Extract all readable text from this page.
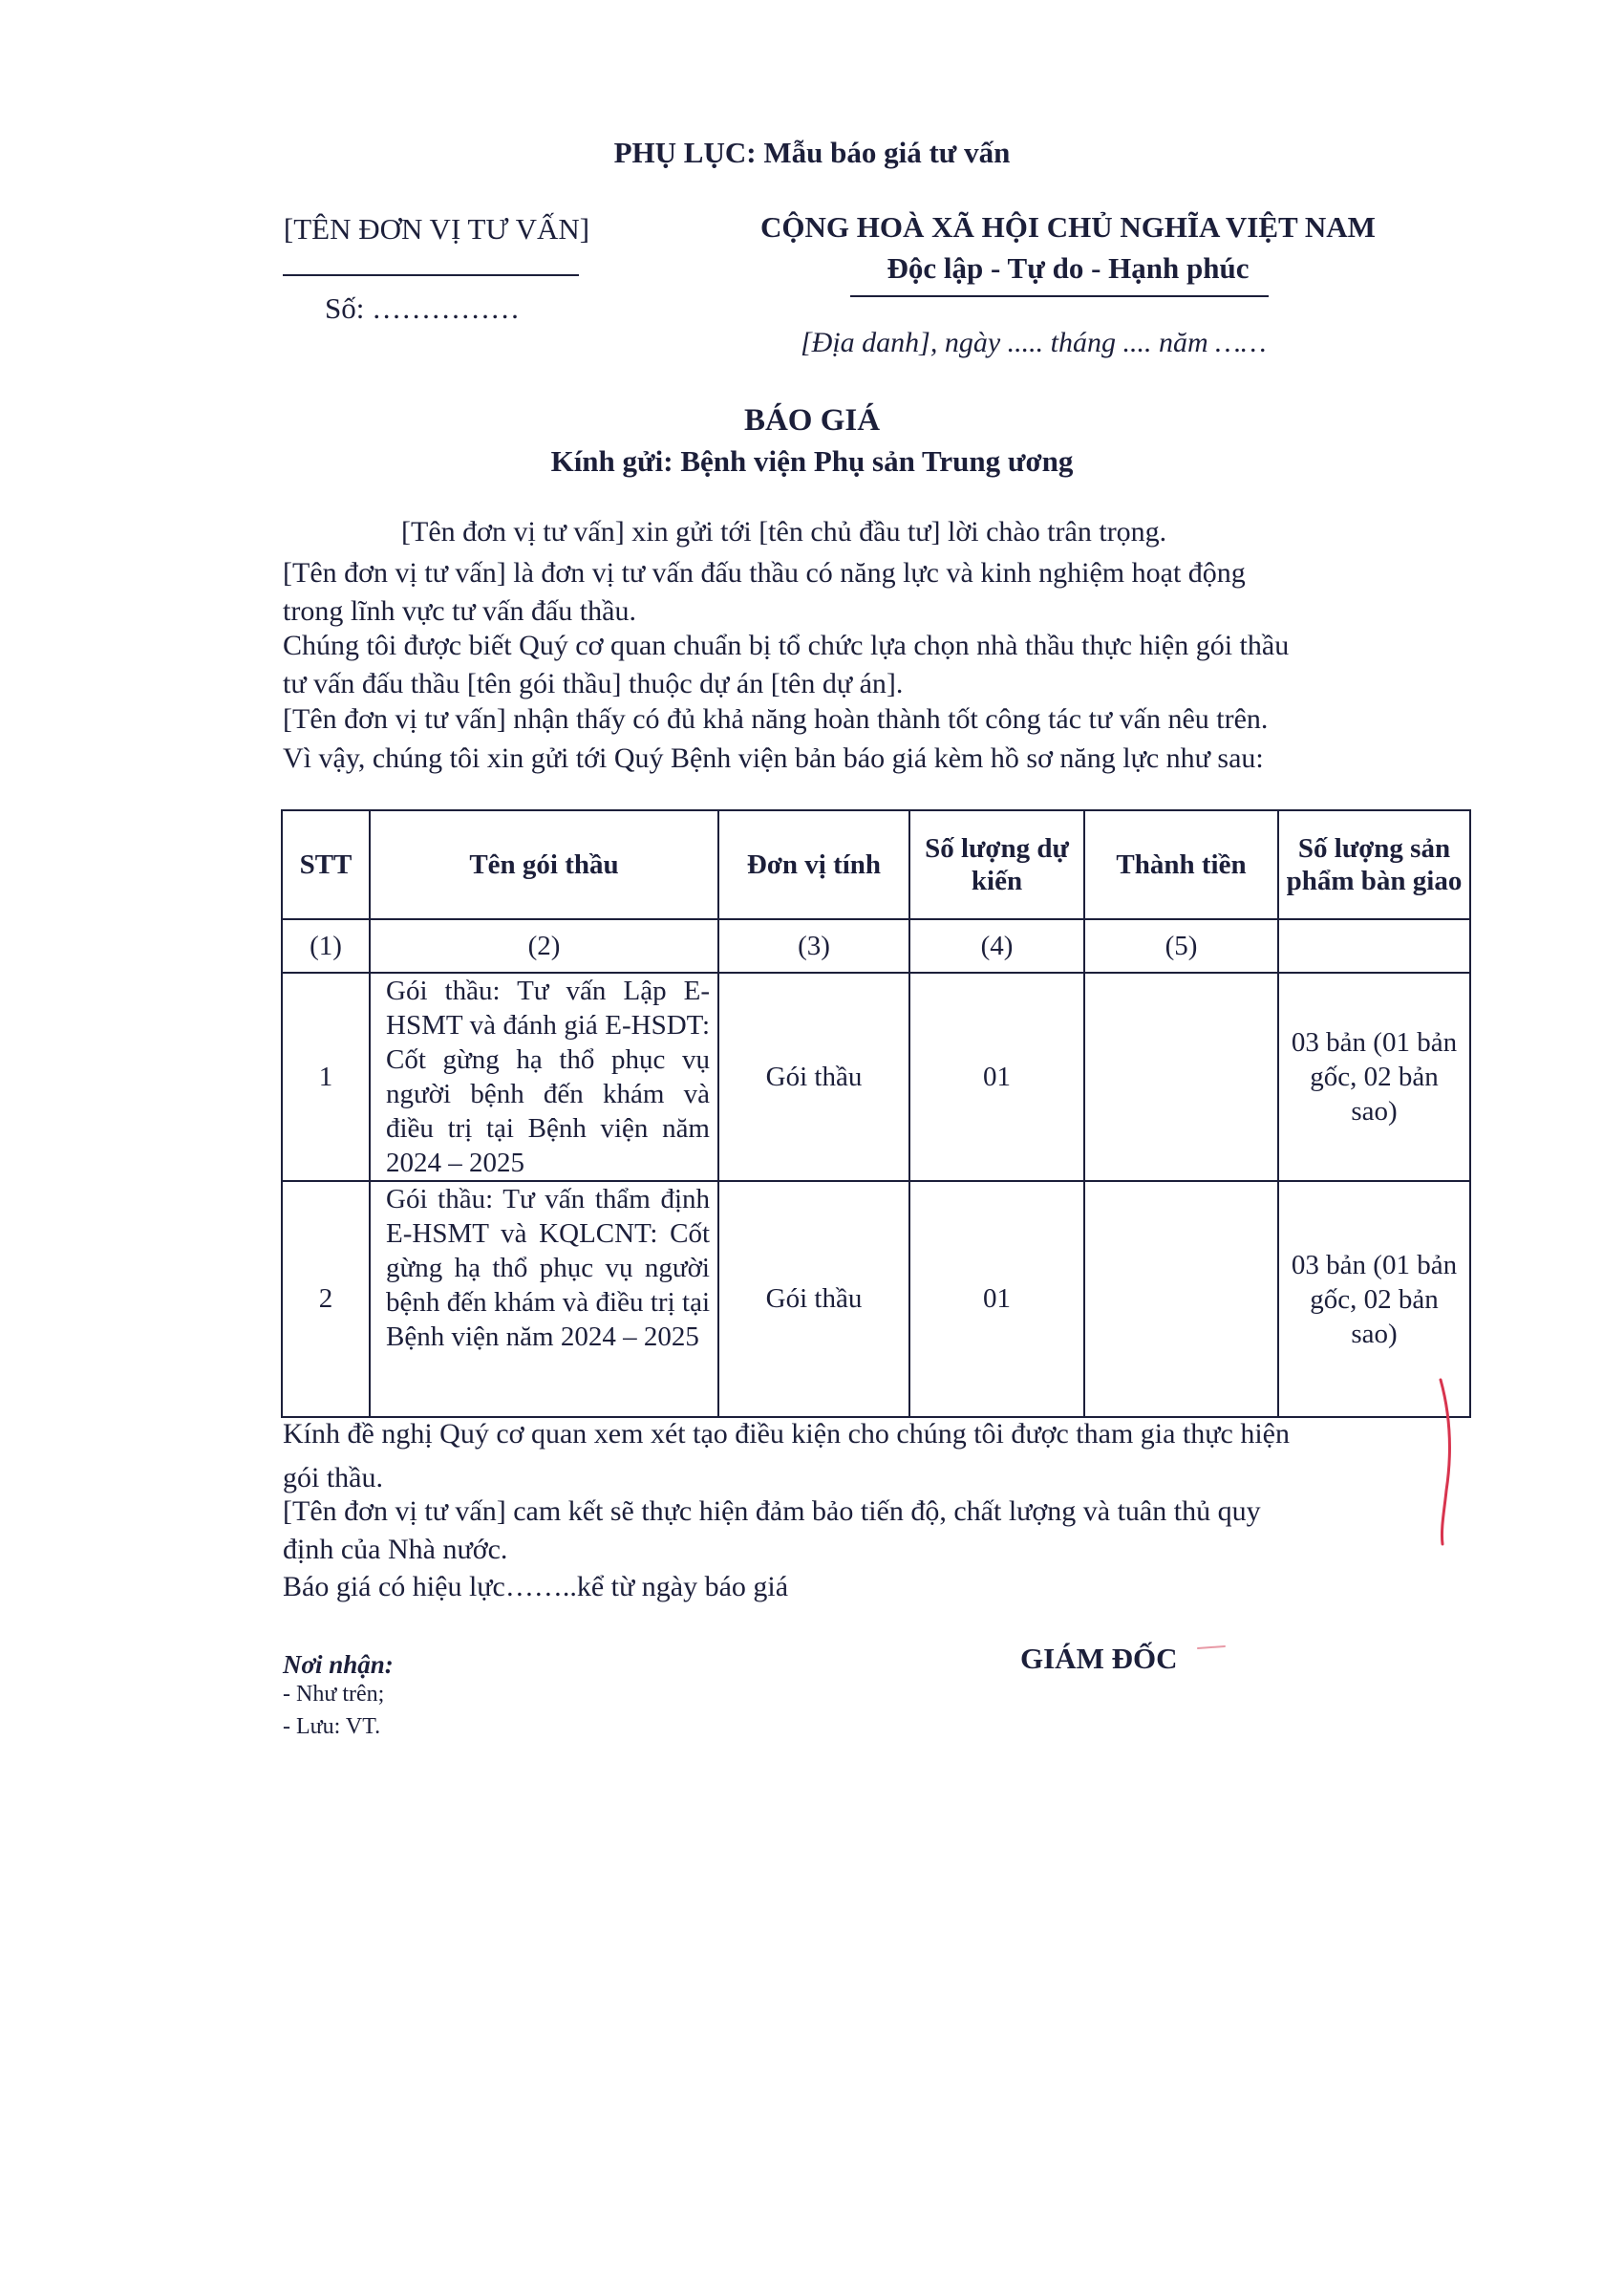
PHỤ LỤC: Mẫu báo giá tư vấn
[TÊN ĐƠN VỊ TƯ VẤN]
Số: ……………
CỘNG HOÀ XÃ HỘI CHỦ NGHĨA VIỆT NAM
Độc lập - Tự do - Hạnh phúc
[Địa danh], ngày ..... tháng .... năm ……
BÁO GIÁ
Kính gửi: Bệnh viện Phụ sản Trung ương
[Tên đơn vị tư vấn] xin gửi tới [tên chủ đầu tư] lời chào trân trọng.
[Tên đơn vị tư vấn] là đơn vị tư vấn đấu thầu có năng lực và kinh nghiệm hoạt động
trong lĩnh vực tư vấn đấu thầu.
Chúng tôi được biết Quý cơ quan chuẩn bị tổ chức lựa chọn nhà thầu thực hiện gói thầu
tư vấn đấu thầu [tên gói thầu] thuộc dự án [tên dự án].
[Tên đơn vị tư vấn] nhận thấy có đủ khả năng hoàn thành tốt công tác tư vấn nêu trên.
Vì vậy, chúng tôi xin gửi tới Quý Bệnh viện bản báo giá kèm hồ sơ năng lực như sau:
STT	Tên gói thầu	Đơn vị tính	Số lượng dự kiến	Thành tiền	Số lượng sản phẩm bàn giao
(1)	(2)	(3)	(4)	(5)	
1	Gói thầu: Tư vấn Lập E-HSMT và đánh giá E-HSDT: Cốt gừng hạ thổ phục vụ người bệnh đến khám và điều trị tại Bệnh viện năm 2024 – 2025	Gói thầu	01		03 bản (01 bản gốc, 02 bản sao)
2	Gói thầu: Tư vấn thẩm định E-HSMT và KQLCNT: Cốt gừng hạ thổ phục vụ người bệnh đến khám và điều trị tại Bệnh viện năm 2024 – 2025	Gói thầu	01		03 bản (01 bản gốc, 02 bản sao)
Kính đề nghị Quý cơ quan xem xét tạo điều kiện cho chúng tôi được tham gia thực hiện
gói thầu.
[Tên đơn vị tư vấn] cam kết sẽ thực hiện đảm bảo tiến độ, chất lượng và tuân thủ quy
định của Nhà nước.
Báo giá có hiệu lực……..kể từ ngày báo giá
Nơi nhận:
- Như trên;
- Lưu: VT.
GIÁM ĐỐC
